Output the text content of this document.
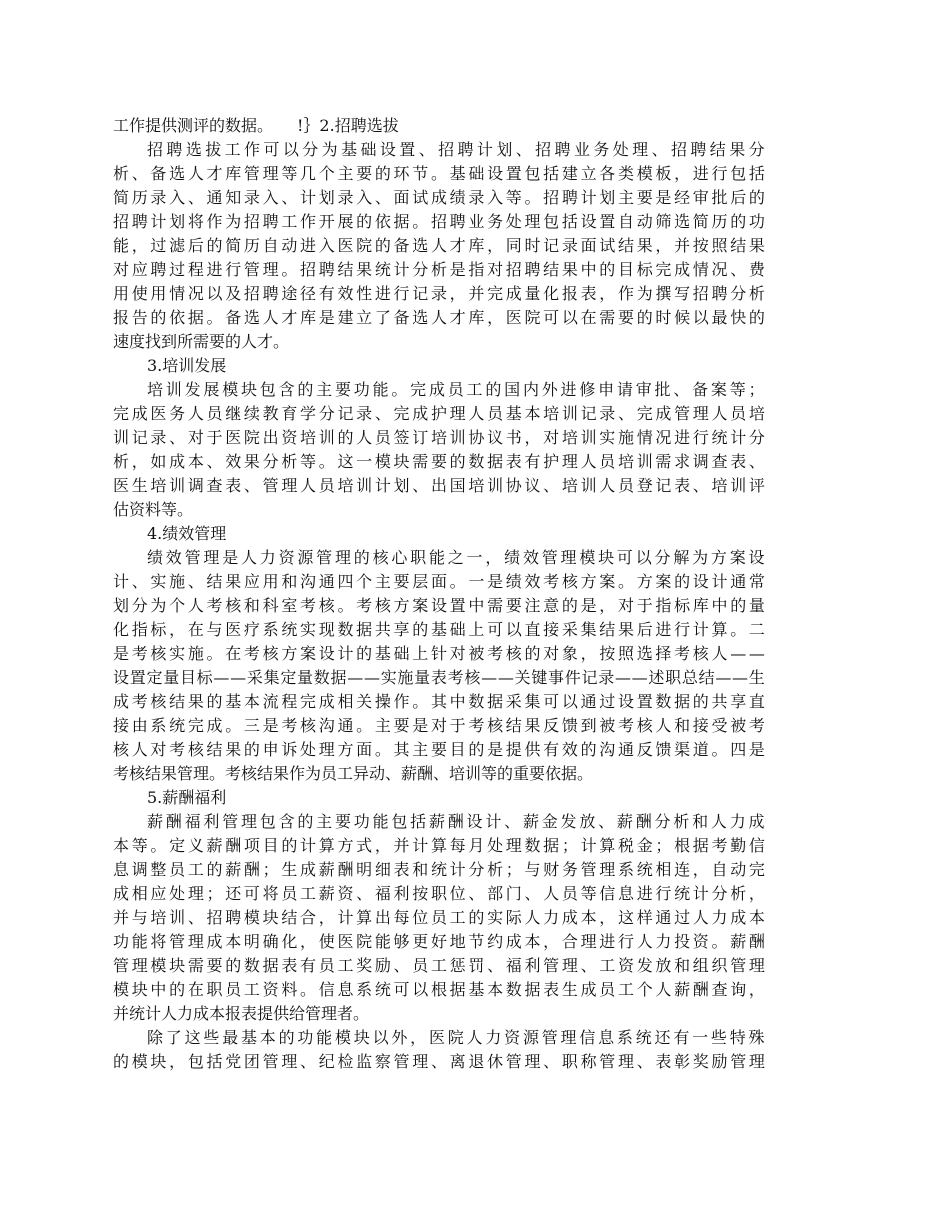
工作提供测评的数据。　　!｝2.招聘选拔
招 聘 选 拔 工 作 可 以 分 为 基 础 设 置 、 招 聘 计 划 、 招 聘 业 务 处 理 、 招 聘 结 果 分
析 、 备 选 人 才 库 管 理 等 几 个 主 要 的 环 节 。 基 础 设 置 包 括 建 立 各 类 模 板 ， 进 行 包 括
简 历 录 入 、 通 知 录 入 、 计 划 录 入 、 面 试 成 绩 录 入 等 。 招 聘 计 划 主 要 是 经 审 批 后 的
招 聘 计 划 将 作 为 招 聘 工 作 开 展 的 依 据 。 招 聘 业 务 处 理 包 括 设 置 自 动 筛 选 简 历 的 功
能 ， 过 滤 后 的 简 历 自 动 进 入 医 院 的 备 选 人 才 库 ， 同 时 记 录 面 试 结 果 ， 并 按 照 结 果
对 应 聘 过 程 进 行 管 理 。 招 聘 结 果 统 计 分 析 是 指 对 招 聘 结 果 中 的 目 标 完 成 情 况 、 费
用 使 用 情 况 以 及 招 聘 途 径 有 效 性 进 行 记 录 ， 并 完 成 量 化 报 表 ， 作 为 撰 写 招 聘 分 析
报 告 的 依 据 。 备 选 人 才 库 是 建 立 了 备 选 人 才 库 ， 医 院 可 以 在 需 要 的 时 候 以 最 快 的
速度找到所需要的人才。
3.培训发展
培 训 发 展 模 块 包 含 的 主 要 功 能 。 完 成 员 工 的 国 内 外 进 修 申 请 审 批 、 备 案 等 ；
完 成 医 务 人 员 继 续 教 育 学 分 记 录 、 完 成 护 理 人 员 基 本 培 训 记 录 、 完 成 管 理 人 员 培
训 记 录 、 对 于 医 院 出 资 培 训 的 人 员 签 订 培 训 协 议 书 ， 对 培 训 实 施 情 况 进 行 统 计 分
析 ， 如 成 本 、 效 果 分 析 等 。 这 一 模 块 需 要 的 数 据 表 有 护 理 人 员 培 训 需 求 调 查 表 、
医 生 培 训 调 查 表 、 管 理 人 员 培 训 计 划 、 出 国 培 训 协 议 、 培 训 人 员 登 记 表 、 培 训 评
估资料等。
4.绩效管理
绩 效 管 理 是 人 力 资 源 管 理 的 核 心 职 能 之 一 ， 绩 效 管 理 模 块 可 以 分 解 为 方 案 设
计 、 实 施 、 结 果 应 用 和 沟 通 四 个 主 要 层 面 。 一 是 绩 效 考 核 方 案 。 方 案 的 设 计 通 常
划 分 为 个 人 考 核 和 科 室 考 核 。 考 核 方 案 设 置 中 需 要 注 意 的 是 ， 对 于 指 标 库 中 的 量
化 指 标 ， 在 与 医 疗 系 统 实 现 数 据 共 享 的 基 础 上 可 以 直 接 采 集 结 果 后 进 行 计 算 。 二
是 考 核 实 施 。 在 考 核 方 案 设 计 的 基 础 上 针 对 被 考 核 的 对 象 ， 按 照 选 择 考 核 人 — —
设 置 定 量 目 标 — — 采 集 定 量 数 据 — — 实 施 量 表 考 核 — — 关 键 事 件 记 录 — — 述 职 总 结 — — 生
成 考 核 结 果 的 基 本 流 程 完 成 相 关 操 作 。 其 中 数 据 采 集 可 以 通 过 设 置 数 据 的 共 享 直
接 由 系 统 完 成 。 三 是 考 核 沟 通 。 主 要 是 对 于 考 核 结 果 反 馈 到 被 考 核 人 和 接 受 被 考
核 人 对 考 核 结 果 的 申 诉 处 理 方 面 。 其 主 要 目 的 是 提 供 有 效 的 沟 通 反 馈 渠 道 。 四 是
考核结果管理。考核结果作为员工异动、薪酬、培训等的重要依据。
5.薪酬福利
薪 酬 福 利 管 理 包 含 的 主 要 功 能 包 括 薪 酬 设 计 、 薪 金 发 放 、 薪 酬 分 析 和 人 力 成
本 等 。 定 义 薪 酬 项 目 的 计 算 方 式 ， 并 计 算 每 月 处 理 数 据 ； 计 算 税 金 ； 根 据 考 勤 信
息 调 整 员 工 的 薪 酬 ； 生 成 薪 酬 明 细 表 和 统 计 分 析 ； 与 财 务 管 理 系 统 相 连 ， 自 动 完
成 相 应 处 理 ； 还 可 将 员 工 薪 资 、 福 利 按 职 位 、 部 门 、 人 员 等 信 息 进 行 统 计 分 析 ，
并 与 培 训 、 招 聘 模 块 结 合 ， 计 算 出 每 位 员 工 的 实 际 人 力 成 本 ， 这 样 通 过 人 力 成 本
功 能 将 管 理 成 本 明 确 化 ， 使 医 院 能 够 更 好 地 节 约 成 本 ， 合 理 进 行 人 力 投 资 。 薪 酬
管 理 模 块 需 要 的 数 据 表 有 员 工 奖 励 、 员 工 惩 罚 、 福 利 管 理 、 工 资 发 放 和 组 织 管 理
模 块 中 的 在 职 员 工 资 料 。 信 息 系 统 可 以 根 据 基 本 数 据 表 生 成 员 工 个 人 薪 酬 查 询 ，
并统计人力成本报表提供给管理者。
除 了 这 些 最 基 本 的 功 能 模 块 以 外 ， 医 院 人 力 资 源 管 理 信 息 系 统 还 有 一 些 特 殊
的 模 块 ， 包 括 党 团 管 理 、 纪 检 监 察 管 理 、 离 退 休 管 理 、 职 称 管 理 、 表 彰 奖 励 管 理
